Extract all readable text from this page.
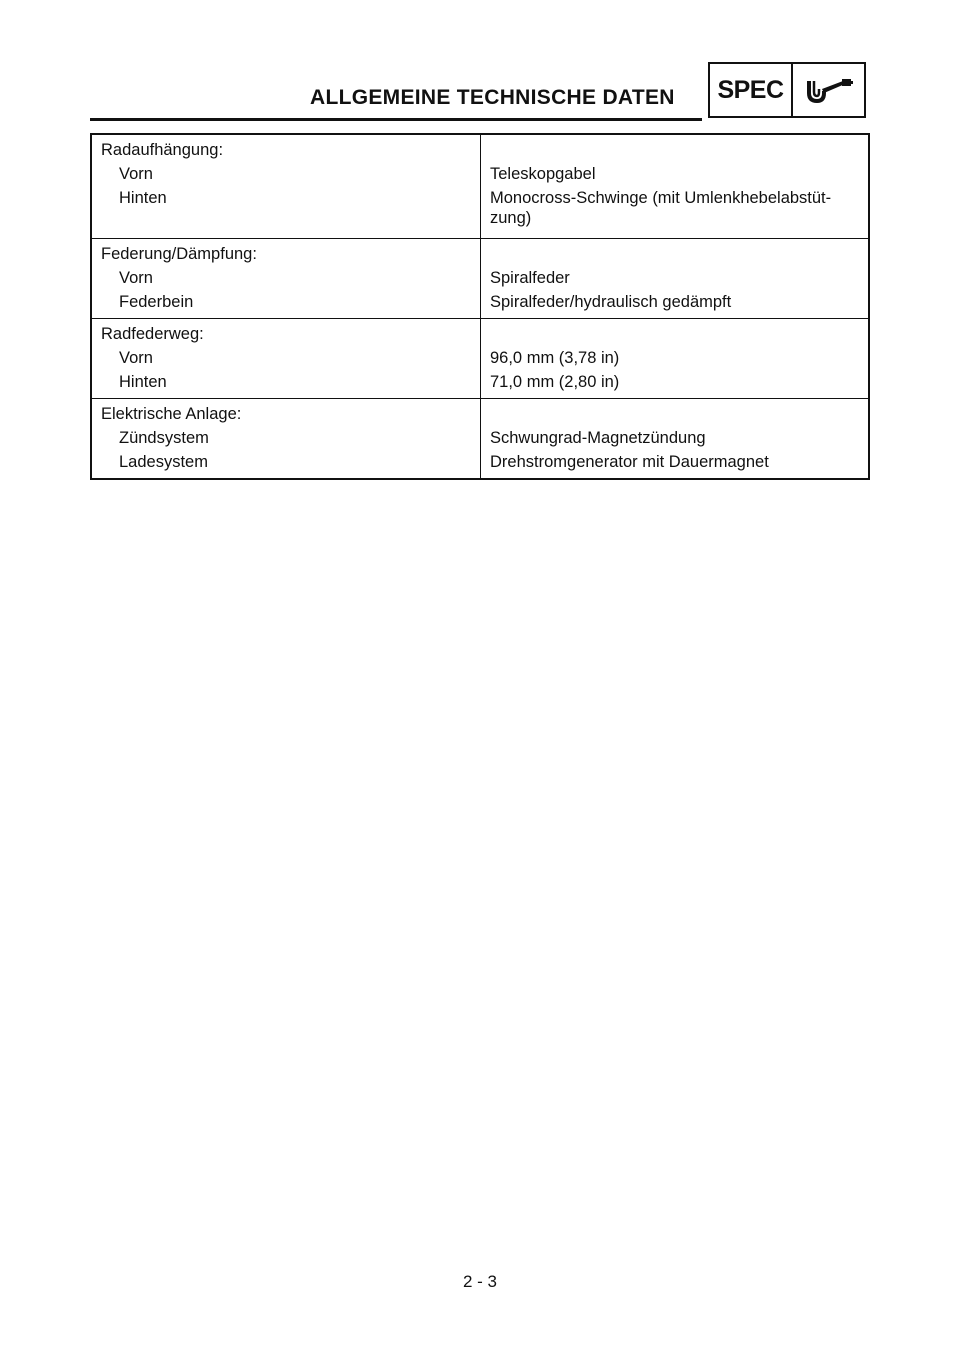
ALLGEMEINE TECHNISCHE DATEN SPEC
Radaufhängung:
Vorn
Hinten
Teleskopgabel
Monocross-Schwinge (mit Umlenkhebelabstüt-zung)
Federung/Dämpfung:
Vorn
Federbein
Spiralfeder
Spiralfeder/hydraulisch gedämpft
Radfederweg:
Vorn
Hinten
96,0 mm (3,78 in)
71,0 mm (2,80 in)
Elektrische Anlage:
Zündsystem
Ladesystem
Schwungrad-Magnetzündung
Drehstromgenerator mit Dauermagnet
2 - 3
